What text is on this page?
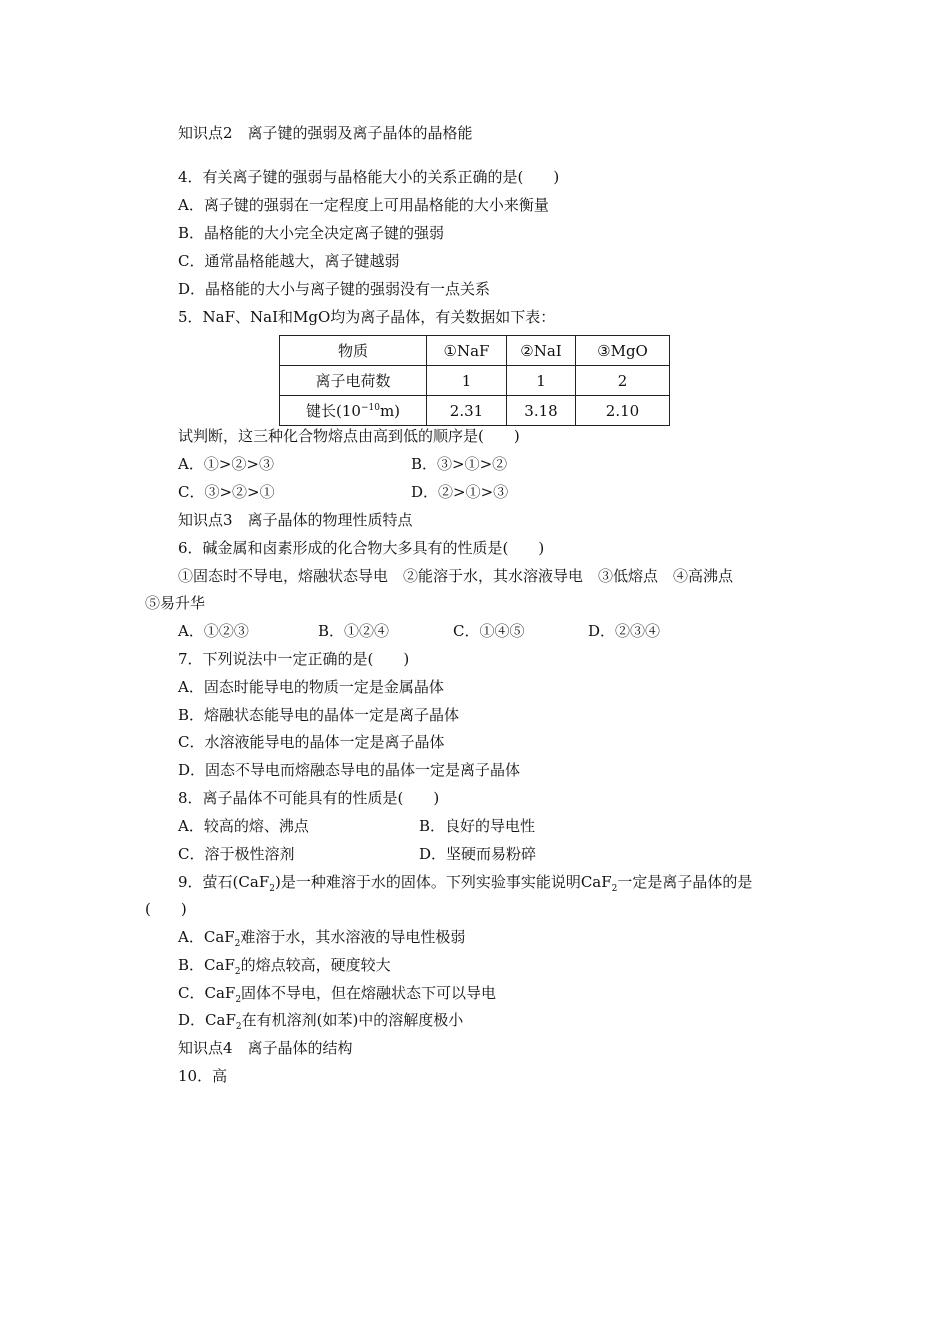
知识点2　离子键的强弱及离子晶体的晶格能
4．有关离子键的强弱与晶格能大小的关系正确的是(　　)
A．离子键的强弱在一定程度上可用晶格能的大小来衡量
B．晶格能的大小完全决定离子键的强弱
C．通常晶格能越大，离子键越弱
D．晶格能的大小与离子键的强弱没有一点关系
5．NaF、NaI和MgO均为离子晶体，有关数据如下表：
物质	①NaF	②NaI	③MgO
离子电荷数	1	1	2
键长$(10^{-10}m)$	2.31	3.18	2.10
试判断，这三种化合物熔点由高到低的顺序是(　　)
A．①>②>③	B．③>①>②
C．③>②>①	D．②>①>③
知识点3　离子晶体的物理性质特点
6．碱金属和卤素形成的化合物大多具有的性质是(　　)
①固态时不导电，熔融状态导电　②能溶于水，其水溶液导电　③低熔点　④高沸点
⑤易升华
A．①②③	B．①②④	C．①④⑤	D．②③④
7．下列说法中一定正确的是(　　)
A．固态时能导电的物质一定是金属晶体
B．熔融状态能导电的晶体一定是离子晶体
C．水溶液能导电的晶体一定是离子晶体
D．固态不导电而熔融态导电的晶体一定是离子晶体
8．离子晶体不可能具有的性质是(　　)
A．较高的熔、沸点	B．良好的导电性
C．溶于极性溶剂	D．坚硬而易粉碎
9．萤石(CaF$_2$)是一种难溶于水的固体。下列实验事实能说明CaF$_2$一定是离子晶体的是
(　　)
A．CaF$_2$难溶于水，其水溶液的导电性极弱
B．CaF$_2$的熔点较高，硬度较大
C．CaF$_2$固体不导电，但在熔融状态下可以导电
D．CaF$_2$在有机溶剂(如苯)中的溶解度极小
知识点4　离子晶体的结构
10．高
